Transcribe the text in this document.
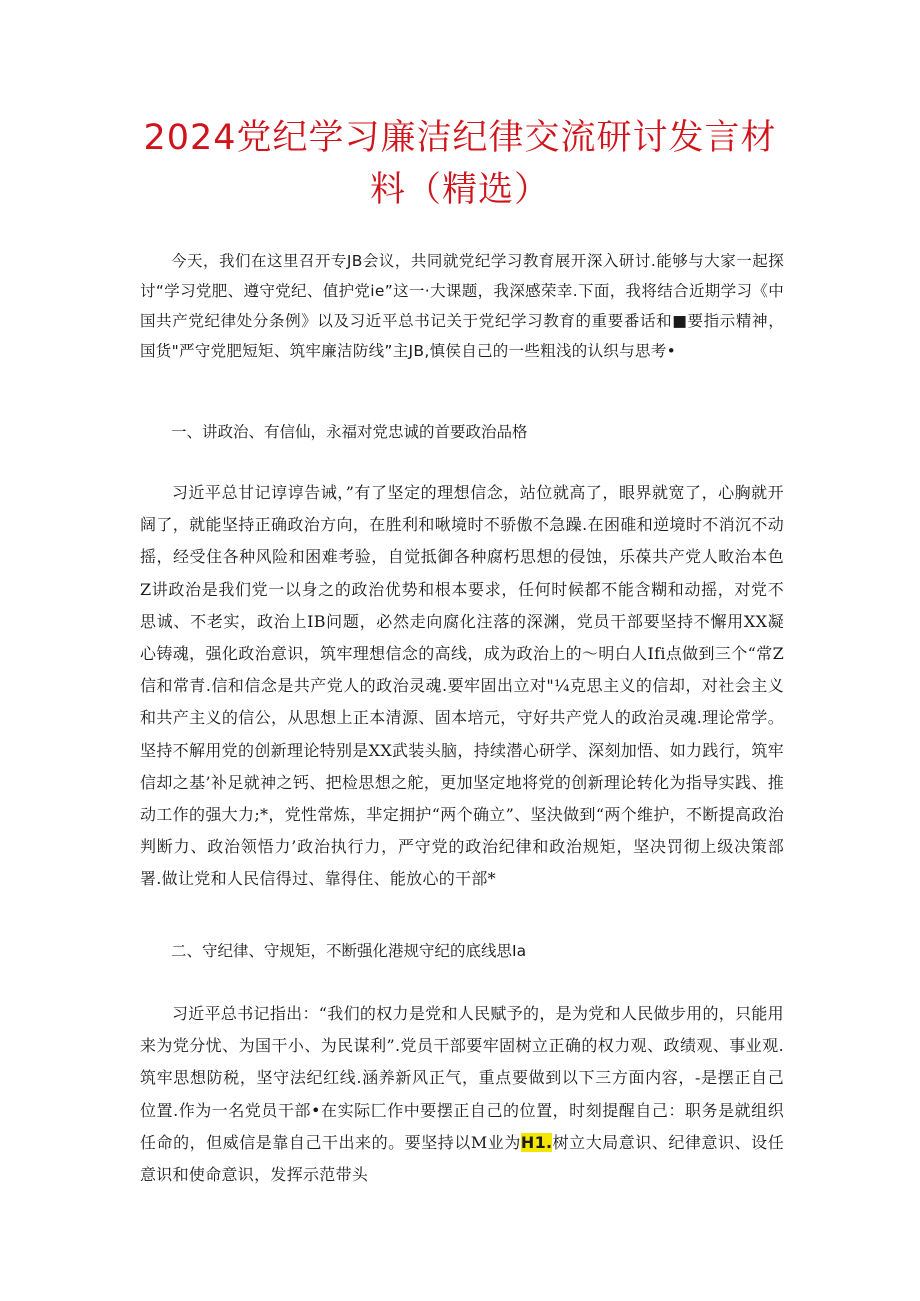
2024党纪学习廉洁纪律交流研讨发言材料（精选）

今天，我们在这里召开专JB会议，共同就党纪学习教育展开深入研讨.能够与大家一起探讨“学习党肥、遵守党纪、值护党ie”这一·大课题，我深感荣幸.下面，我将结合近期学习《中国共产党纪律处分条例》以及习近平总书记关于党纪学习教育的重要番话和■要指示精神，国货"严守党肥短矩、筑牢廉洁防线”主JB,慎侯自己的一些粗浅的认织与思考•

一、讲政治、有信仙，永福对党忠诚的首要政治品格

习近平总甘记谆谆告诫，”有了坚定的理想信念，站位就高了，眼界就宽了，心胸就开阔了，就能坚持正确政治方向，在胜利和啾境时不骄傲不急躁.在困碓和逆境时不消沉不动摇，经受住各种风险和困难考验，自觉抵御各种腐朽思想的侵蚀，乐葆共产党人畋治本色Z讲政治是我们党一以身之的政治优势和根本要求，任何时候都不能含糊和动摇，对党不思诚、不老实，政治上IB问题，必然走向腐化注落的深渊，党员干部要坚持不懈用XX凝心铸魂，强化政治意识，筑牢理想信念的高线，成为政治上的～明白人Ifi点做到三个“常Z信和常青.信和信念是共产党人的政治灵魂.要牢固出立对"¼克思主义的信却，对社会主义和共产主义的信公，从思想上正本清源、固本培元，守好共产党人的政治灵魂.理论常学。坚持不解用党的创新理论特别是XX武装头脑，持续潜心研学、深刻加悟、如力践行，筑牢信却之基’补足就神之钙、把检思想之舵，更加坚定地将党的创新理论转化为指导实践、推动工作的强大力;*，党性常炼，芈定拥护“两个确立”、坚決做到“两个维护，不断提高政治判断力、政治领悟力’政治执行力，严守党的政治纪律和政治规矩，坚决罚彻上级决策部署.做让党和人民信得过、靠得住、能放心的干部*

二、守纪律、守规矩，不断强化港规守纪的底线思Ia

习近平总书记指出：“我们的权力是党和人民赋予的，是为党和人民做步用的，只能用来为党分忧、为国干小、为民谋利”.党员干部要牢固树立正确的权力观、政绩观、事业观.筑牢思想防税，坚守法纪红线.涵养新风正气，重点要做到以下三方面内容，-是摆正自己位置.作为一名党员干部•在实际匚作中要摆正自己的位置，时刻提醒自己：职务是就组织任命的，但威信是靠自己干出来的。要坚持以M业为H1.树立大局意识、纪律意识、设任意识和使命意识，发挥示范带头
